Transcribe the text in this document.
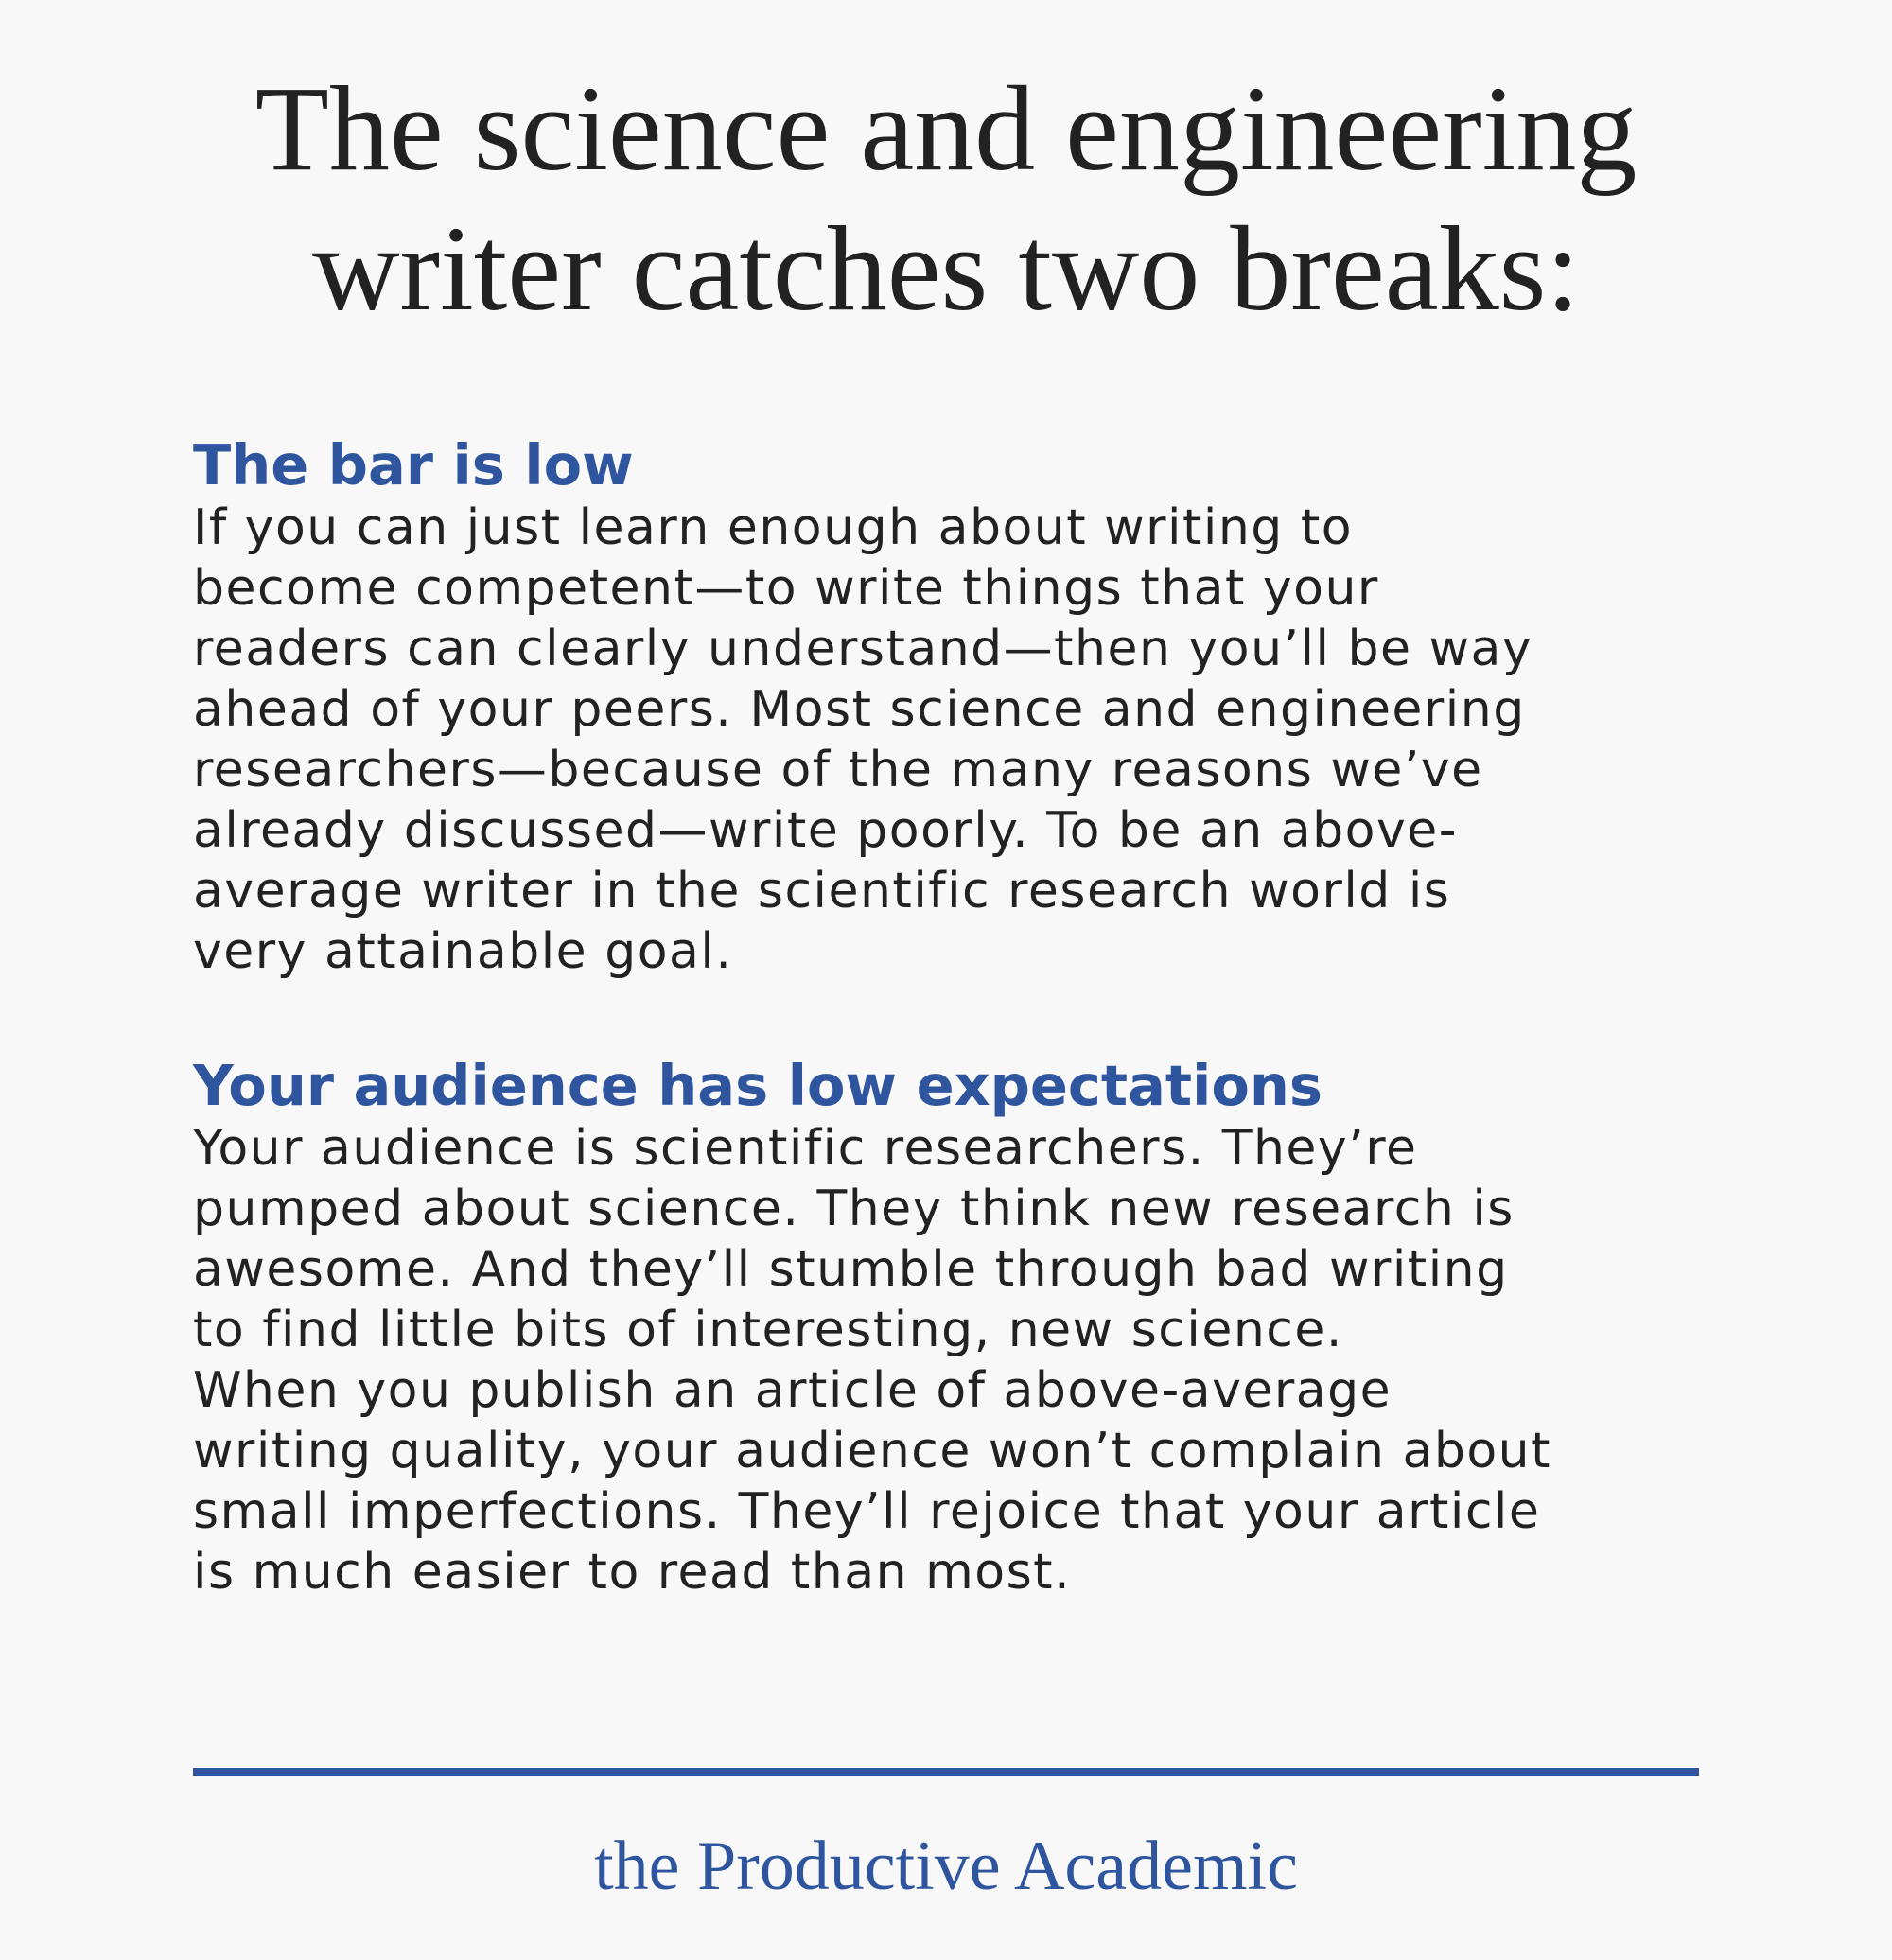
The science and engineering
writer catches two breaks:
The bar is low

If you can just learn enough about writing to
become competent—to write things that your
readers can clearly understand—then you’ll be way
ahead of your peers. Most science and engineering
researchers—because of the many reasons we’ve
already discussed—write poorly. To be an above-
average writer in the scientific research world is
very attainable goal.

Your audience has low expectations

Your audience is scientific researchers. They’re
pumped about science. They think new research is
awesome. And they’ll stumble through bad writing
to find little bits of interesting, new science.
When you publish an article of above-average
writing quality, your audience won’t complain about
small imperfections. They’ll rejoice that your article
is much easier to read than most.

the Productive Academic
